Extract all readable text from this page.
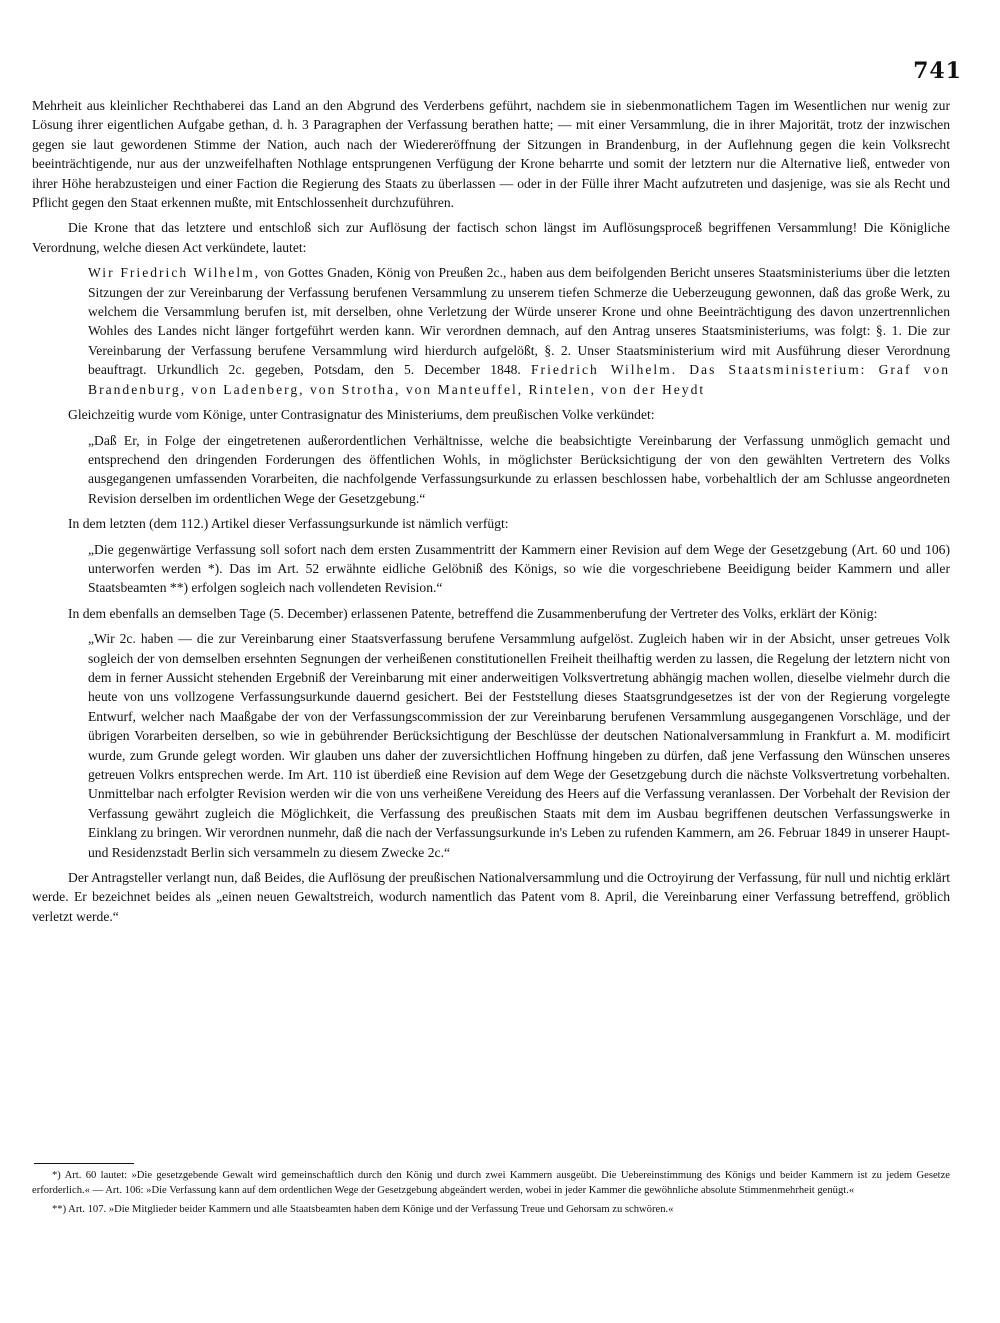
741

Mehrheit aus kleinlicher Rechthaberei das Land an den Abgrund des Verderbens geführt, nachdem sie in siebenmonatlichem Tagen im Wesentlichen nur wenig zur Lösung ihrer eigentlichen Aufgabe gethan, d. h. 3 Paragraphen der Verfassung berathen hatte; — mit einer Versammlung, die in ihrer Majorität, trotz der inzwischen gegen sie laut gewordenen Stimme der Nation, auch nach der Wiedereröffnung der Sitzungen in Brandenburg, in der Auflehnung gegen die kein Volksrecht beeinträchtigende, nur aus der unzweifelhaften Nothlage entsprungenen Verfügung der Krone beharrte und somit der letztern nur die Alternative ließ, entweder von ihrer Höhe herabzusteigen und einer Faction die Regierung des Staats zu überlassen — oder in der Fülle ihrer Macht aufzutreten und dasjenige, was sie als Recht und Pflicht gegen den Staat erkennen mußte, mit Entschlossenheit durchzuführen.

Die Krone that das letztere und entschloß sich zur Auflösung der factisch schon längst im Auflösungsproceß begriffenen Versammlung! Die Königliche Verordnung, welche diesen Act verkündete, lautet:

Wir Friedrich Wilhelm, von Gottes Gnaden, König von Preußen 2c., haben aus dem beifolgenden Bericht unseres Staatsministeriums über die letzten Sitzungen der zur Vereinbarung der Verfassung berufenen Versammlung zu unserem tiefen Schmerze die Ueberzeugung gewonnen, daß das große Werk, zu welchem die Versammlung berufen ist, mit derselben, ohne Verletzung der Würde unserer Krone und ohne Beeinträchtigung des davon unzertrennlichen Wohles des Landes nicht länger fortgeführt werden kann. Wir verordnen demnach, auf den Antrag unseres Staatsministeriums, was folgt: §. 1. Die zur Vereinbarung der Verfassung berufene Versammlung wird hierdurch aufgelößt, §. 2. Unser Staatsministerium wird mit Ausführung dieser Verordnung beauftragt. Urkundlich 2c. gegeben, Potsdam, den 5. December 1848. Friedrich Wilhelm. Das Staatsministerium: Graf von Brandenburg, von Ladenberg, von Strotha, von Manteuffel, Rintelen, von der Heydt

Gleichzeitig wurde vom Könige, unter Contrasignatur des Ministeriums, dem preußischen Volke verkündet:

„Daß Er, in Folge der eingetretenen außerordentlichen Verhältnisse, welche die beabsichtigte Vereinbarung der Verfassung unmöglich gemacht und entsprechend den dringenden Forderungen des öffentlichen Wohls, in möglichster Berücksichtigung der von den gewählten Vertretern des Volks ausgegangenen umfassenden Vorarbeiten, die nachfolgende Verfassungsurkunde zu erlassen beschlossen habe, vorbehaltlich der am Schlusse angeordneten Revision derselben im ordentlichen Wege der Gesetzgebung.“

In dem letzten (dem 112.) Artikel dieser Verfassungsurkunde ist nämlich verfügt:

„Die gegenwärtige Verfassung soll sofort nach dem ersten Zusammentritt der Kammern einer Revision auf dem Wege der Gesetzgebung (Art. 60 und 106) unterworfen werden *). Das im Art. 52 erwähnte eidliche Gelöbniß des Königs, so wie die vorgeschriebene Beeidigung beider Kammern und aller Staatsbeamten **) erfolgen sogleich nach vollendeten Revision.“

In dem ebenfalls an demselben Tage (5. December) erlassenen Patente, betreffend die Zusammenberufung der Vertreter des Volks, erklärt der König:

„Wir 2c. haben — die zur Vereinbarung einer Staatsverfassung berufene Versammlung aufgelöst. Zugleich haben wir in der Absicht, unser getreues Volk sogleich der von demselben ersehnten Segnungen der verheißenen constitutionellen Freiheit theilhaftig werden zu lassen, die Regelung der letztern nicht von dem in ferner Aussicht stehenden Ergebniß der Vereinbarung mit einer anderweitigen Volksvertretung abhängig machen wollen, dieselbe vielmehr durch die heute von uns vollzogene Verfassungsurkunde dauernd gesichert. Bei der Feststellung dieses Staatsgrundgesetzes ist der von der Regierung vorgelegte Entwurf, welcher nach Maaßgabe der von der Verfassungscommission der zur Vereinbarung berufenen Versammlung ausgegangenen Vorschläge, und der übrigen Vorarbeiten derselben, so wie in gebührender Berücksichtigung der Beschlüsse der deutschen Nationalversammlung in Frankfurt a. M. modificirt wurde, zum Grunde gelegt worden. Wir glauben uns daher der zuversichtlichen Hoffnung hingeben zu dürfen, daß jene Verfassung den Wünschen unseres getreuen Volkrs entsprechen werde. Im Art. 110 ist überdieß eine Revision auf dem Wege der Gesetzgebung durch die nächste Volksvertretung vorbehalten. Unmittelbar nach erfolgter Revision werden wir die von uns verheißene Vereidung des Heers auf die Verfassung veranlassen. Der Vorbehalt der Revision der Verfassung gewährt zugleich die Möglichkeit, die Verfassung des preußischen Staats mit dem im Ausbau begriffenen deutschen Verfassungswerke in Einklang zu bringen. Wir verordnen nunmehr, daß die nach der Verfassungsurkunde in's Leben zu rufenden Kammern, am 26. Februar 1849 in unserer Haupt- und Residenzstadt Berlin sich versammeln zu diesem Zwecke 2c.“

Der Antragsteller verlangt nun, daß Beides, die Auflösung der preußischen Nationalversammlung und die Octroyirung der Verfassung, für null und nichtig erklärt werde. Er bezeichnet beides als „einen neuen Gewaltstreich, wodurch namentlich das Patent vom 8. April, die Vereinbarung einer Verfassung betreffend, gröblich verletzt werde.“

*) Art. 60 lautet: »Die gesetzgebende Gewalt wird gemeinschaftlich durch den König und durch zwei Kammern ausgeübt. Die Uebereinstimmung des Königs und beider Kammern ist zu jedem Gesetze erforderlich.« — Art. 106: »Die Verfassung kann auf dem ordentlichen Wege der Gesetzgebung abgeändert werden, wobei in jeder Kammer die gewöhnliche absolute Stimmenmehrheit genügt.«

**) Art. 107. »Die Mitglieder beider Kammern und alle Staatsbeamten haben dem Könige und der Verfassung Treue und Gehorsam zu schwören.«
